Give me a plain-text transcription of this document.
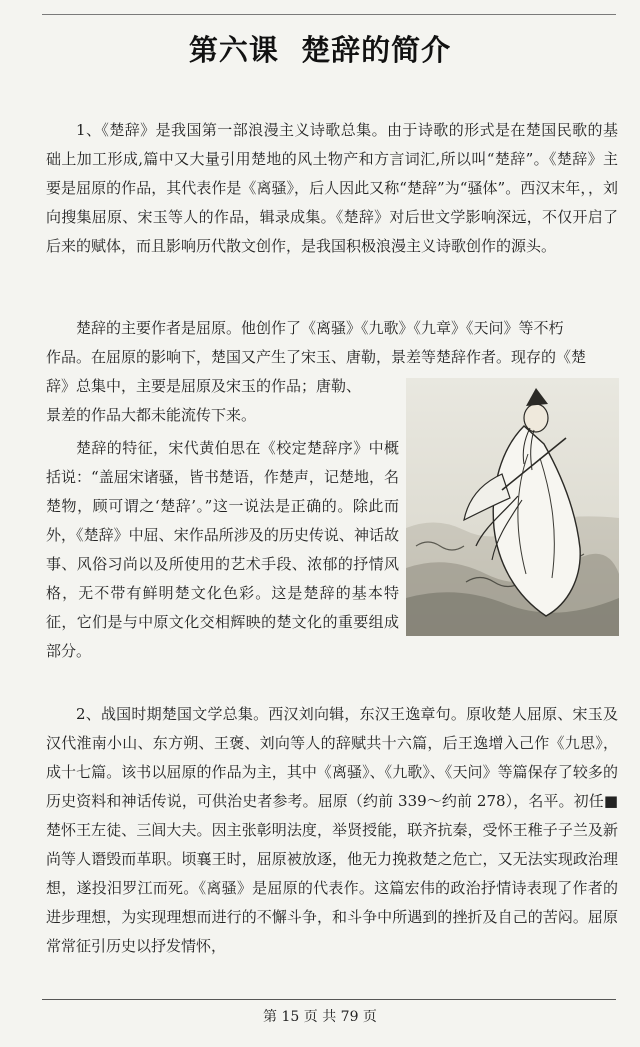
第六课  楚辞的简介

1、《楚辞》是我国第一部浪漫主义诗歌总集。由于诗歌的形式是在楚国民歌的基础上加工形成,篇中又大量引用楚地的风土物产和方言词汇,所以叫“楚辞”。《楚辞》主要是屈原的作品，其代表作是《离骚》，后人因此又称“楚辞”为“骚体”。西汉末年，，刘向搜集屈原、宋玉等人的作品，辑录成集。《楚辞》对后世文学影响深远，不仅开启了后来的赋体，而且影响历代散文创作，是我国积极浪漫主义诗歌创作的源头。

楚辞的主要作者是屈原。他创作了《离骚》《九歌》《九章》《天问》等不朽
作品。在屈原的影响下，楚国又产生了宋玉、唐勒，景差等楚辞作者。现存的《楚
辞》总集中，主要是屈原及宋玉的作品；唐勒、
景差的作品大都未能流传下来。

楚辞的特征，宋代黄伯思在《校定楚辞序》中概括说：“盖屈宋诸骚，皆书楚语，作楚声，记楚地，名楚物，顾可谓之‘楚辞’。”这一说法是正确的。除此而外，《楚辞》中屈、宋作品所涉及的历史传说、神话故事、风俗习尚以及所使用的艺术手段、浓郁的抒情风格，无不带有鲜明楚文化色彩。这是楚辞的基本特征，它们是与中原文化交相辉映的楚文化的重要组成部分。

2、战国时期楚国文学总集。西汉刘向辑，东汉王逸章句。原收楚人屈原、宋玉及汉代淮南小山、东方朔、王褒、刘向等人的辞赋共十六篇，后王逸增入己作《九思》，成十七篇。该书以屈原的作品为主，其中《离骚》、《九歌》、《天问》等篇保存了较多的历史资料和神话传说，可供治史者参考。屈原（约前 339～约前 278），名平。初任■楚怀王左徒、三闾大夫。因主张彰明法度，举贤授能，联齐抗秦，受怀王稚子子兰及新尚等人谮毁而革职。顷襄王时，屈原被放逐，他无力挽救楚之危亡，又无法实现政治理想，遂投汨罗江而死。《离骚》是屈原的代表作。这篇宏伟的政治抒情诗表现了作者的进步理想，为实现理想而进行的不懈斗争，和斗争中所遇到的挫折及自己的苦闷。屈原常常征引历史以抒发情怀，

第 15 页 共 79 页
